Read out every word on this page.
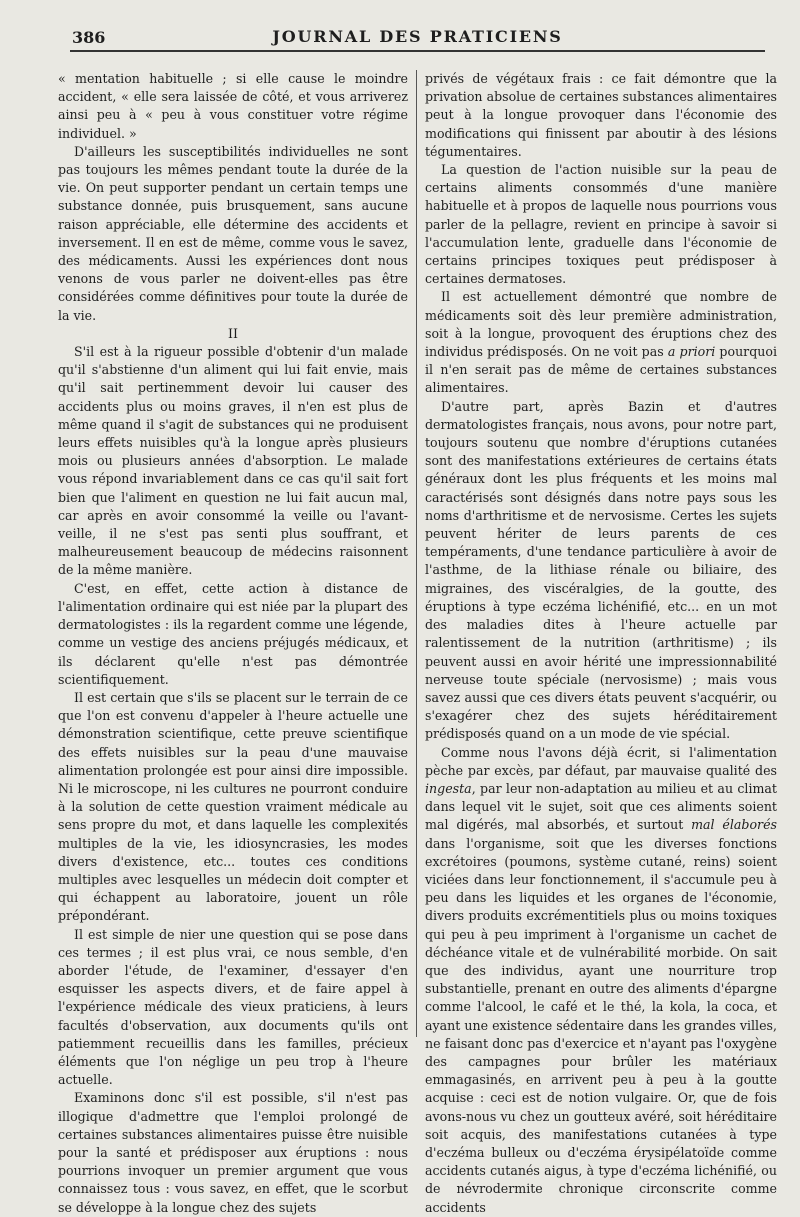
386	JOURNAL DES PRATICIENS

« mentation habituelle ; si elle cause le moindre accident, « elle sera laissée de côté, et vous arriverez ainsi peu à « peu à vous constituer votre régime individuel. »

D'ailleurs les susceptibilités individuelles ne sont pas toujours les mêmes pendant toute la durée de la vie. On peut supporter pendant un certain temps une substance donnée, puis brusquement, sans aucune raison appréciable, elle détermine des accidents et inversement. Il en est de même, comme vous le savez, des médicaments. Aussi les expériences dont nous venons de vous parler ne doivent-elles pas être considérées comme définitives pour toute la durée de la vie.

II

S'il est à la rigueur possible d'obtenir d'un malade qu'il s'abstienne d'un aliment qui lui fait envie, mais qu'il sait pertinemment devoir lui causer des accidents plus ou moins graves, il n'en est plus de même quand il s'agit de substances qui ne produisent leurs effets nuisibles qu'à la longue après plusieurs mois ou plusieurs années d'absorption. Le malade vous répond invariablement dans ce cas qu'il sait fort bien que l'aliment en question ne lui fait aucun mal, car après en avoir consommé la veille ou l'avant-veille, il ne s'est pas senti plus souffrant, et malheureusement beaucoup de médecins raisonnent de la même manière.

C'est, en effet, cette action à distance de l'alimentation ordinaire qui est niée par la plupart des dermatologistes : ils la regardent comme une légende, comme un vestige des anciens préjugés médicaux, et ils déclarent qu'elle n'est pas démontrée scientifiquement.

Il est certain que s'ils se placent sur le terrain de ce que l'on est convenu d'appeler à l'heure actuelle une démonstration scientifique, cette preuve scientifique des effets nuisibles sur la peau d'une mauvaise alimentation prolongée est pour ainsi dire impossible. Ni le microscope, ni les cultures ne pourront conduire à la solution de cette question vraiment médicale au sens propre du mot, et dans laquelle les complexités multiples de la vie, les idiosyncrasies, les modes divers d'existence, etc... toutes ces conditions multiples avec lesquelles un médecin doit compter et qui échappent au laboratoire, jouent un rôle prépondérant.

Il est simple de nier une question qui se pose dans ces termes ; il est plus vrai, ce nous semble, d'en aborder l'étude, de l'examiner, d'essayer d'en esquisser les aspects divers, et de faire appel à l'expérience médicale des vieux praticiens, à leurs facultés d'observation, aux documents qu'ils ont patiemment recueillis dans les familles, précieux éléments que l'on néglige un peu trop à l'heure actuelle.

Examinons donc s'il est possible, s'il n'est pas illogique d'admettre que l'emploi prolongé de certaines substances alimentaires puisse être nuisible pour la santé et prédisposer aux éruptions : nous pourrions invoquer un premier argument que vous connaissez tous : vous savez, en effet, que le scorbut se développe à la longue chez des sujets

privés de végétaux frais : ce fait démontre que la privation absolue de certaines substances alimentaires peut à la longue provoquer dans l'économie des modifications qui finissent par aboutir à des lésions tégumentaires.

La question de l'action nuisible sur la peau de certains aliments consommés d'une manière habituelle et à propos de laquelle nous pourrions vous parler de la pellagre, revient en principe à savoir si l'accumulation lente, graduelle dans l'économie de certains principes toxiques peut prédisposer à certaines dermatoses.

Il est actuellement démontré que nombre de médicaments soit dès leur première administration, soit à la longue, provoquent des éruptions chez des individus prédisposés. On ne voit pas a priori pourquoi il n'en serait pas de même de certaines substances alimentaires.

D'autre part, après Bazin et d'autres dermatologistes français, nous avons, pour notre part, toujours soutenu que nombre d'éruptions cutanées sont des manifestations extérieures de certains états généraux dont les plus fréquents et les moins mal caractérisés sont désignés dans notre pays sous les noms d'arthritisme et de nervosisme. Certes les sujets peuvent hériter de leurs parents de ces tempéraments, d'une tendance particulière à avoir de l'asthme, de la lithiase rénale ou biliaire, des migraines, des viscéralgies, de la goutte, des éruptions à type eczéma lichénifié, etc... en un mot des maladies dites à l'heure actuelle par ralentissement de la nutrition (arthritisme) ; ils peuvent aussi en avoir hérité une impressionnabilité nerveuse toute spéciale (nervosisme) ; mais vous savez aussi que ces divers états peuvent s'acquérir, ou s'exagérer chez des sujets héréditairement prédisposés quand on a un mode de vie spécial.

Comme nous l'avons déjà écrit, si l'alimentation pèche par excès, par défaut, par mauvaise qualité des ingesta, par leur non-adaptation au milieu et au climat dans lequel vit le sujet, soit que ces aliments soient mal digérés, mal absorbés, et surtout mal élaborés dans l'organisme, soit que les diverses fonctions excrétoires (poumons, système cutané, reins) soient viciées dans leur fonctionnement, il s'accumule peu à peu dans les liquides et les organes de l'économie, divers produits excrémentitiels plus ou moins toxiques qui peu à peu impriment à l'organisme un cachet de déchéance vitale et de vulnérabilité morbide. On sait que des individus, ayant une nourriture trop substantielle, prenant en outre des aliments d'épargne comme l'alcool, le café et le thé, la kola, la coca, et ayant une existence sédentaire dans les grandes villes, ne faisant donc pas d'exercice et n'ayant pas l'oxygène des campagnes pour brûler les matériaux emmagasinés, en arrivent peu à peu à la goutte acquise : ceci est de notion vulgaire. Or, que de fois avons-nous vu chez un goutteux avéré, soit héréditaire soit acquis, des manifestations cutanées à type d'eczéma bulleux ou d'eczéma érysipélatoïde comme accidents cutanés aigus, à type d'eczéma lichénifié, ou de névrodermite chronique circonscrite comme accidents
